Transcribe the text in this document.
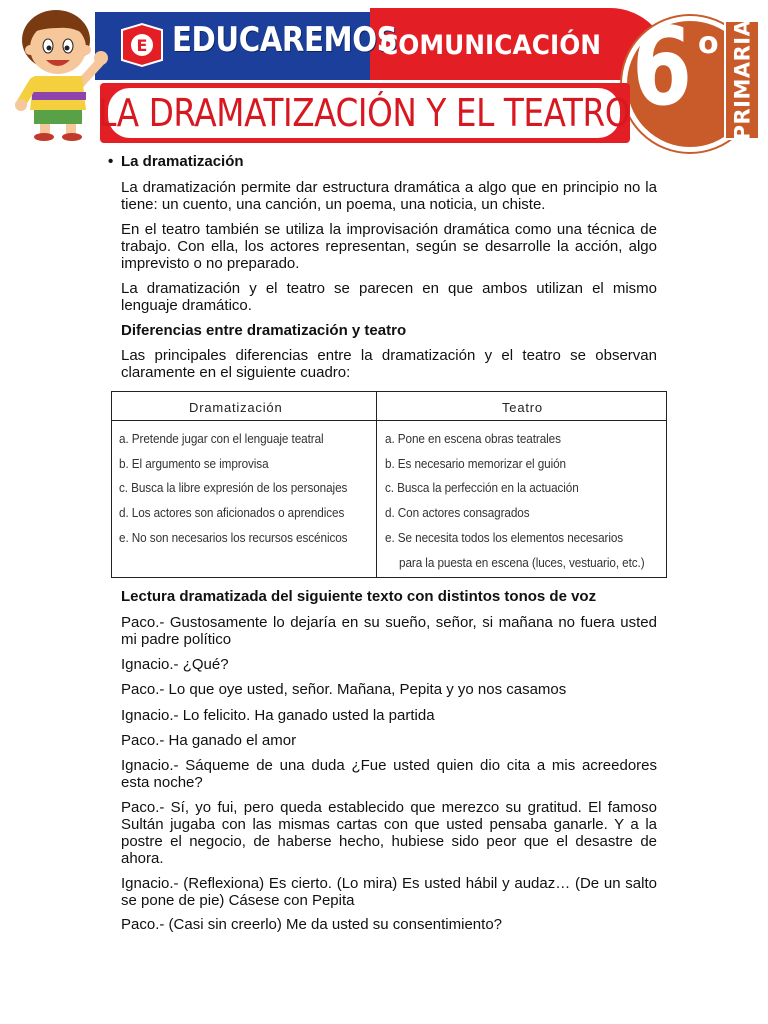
E EDUCAREMOS
COMUNICACIÓN 6 o PRIMARIA
LA DRAMATIZACIÓN Y EL TEATRO
• La dramatización

La dramatización permite dar estructura dramática a algo que en principio no la tiene: un cuento, una canción, un poema, una noticia, un chiste.

En el teatro también se utiliza la improvisación dramática como una técnica de trabajo. Con ella, los actores representan, según se desarrolle la acción, algo imprevisto o no preparado.

La dramatización y el teatro se parecen en que ambos utilizan el mismo lenguaje dramático.

Diferencias entre dramatización y teatro

Las principales diferencias entre la dramatización y el teatro se observan claramente en el siguiente cuadro:

Dramatización	Teatro
a. Pretende jugar con el lenguaje teatral
b. El argumento se improvisa
c. Busca la libre expresión de los personajes
d. Los actores son aficionados o aprendices
e. No son necesarios los recursos escénicos
a. Pone en escena obras teatrales
b. Es necesario memorizar el guión
c. Busca la perfección en la actuación
d. Con actores consagrados
e. Se necesita todos los elementos necesarios
para la puesta en escena (luces, vestuario, etc.)

Lectura dramatizada del siguiente texto con distintos tonos de voz

Paco.- Gustosamente lo dejaría en su sueño, señor, si mañana no fuera usted mi padre político

Ignacio.- ¿Qué?

Paco.- Lo que oye usted, señor. Mañana, Pepita y yo nos casamos

Ignacio.- Lo felicito. Ha ganado usted la partida

Paco.- Ha ganado el amor

Ignacio.- Sáqueme de una duda ¿Fue usted quien dio cita a mis acreedores esta noche?

Paco.- Sí, yo fui, pero queda establecido que merezco su gratitud. El famoso Sultán jugaba con las mismas cartas con que usted pensaba ganarle. Y a la postre el negocio, de haberse hecho, hubiese sido peor que el desastre de ahora.

Ignacio.- (Reflexiona) Es cierto. (Lo mira) Es usted hábil y audaz… (De un salto se pone de pie) Cásese con Pepita

Paco.- (Casi sin creerlo) Me da usted su consentimiento?
